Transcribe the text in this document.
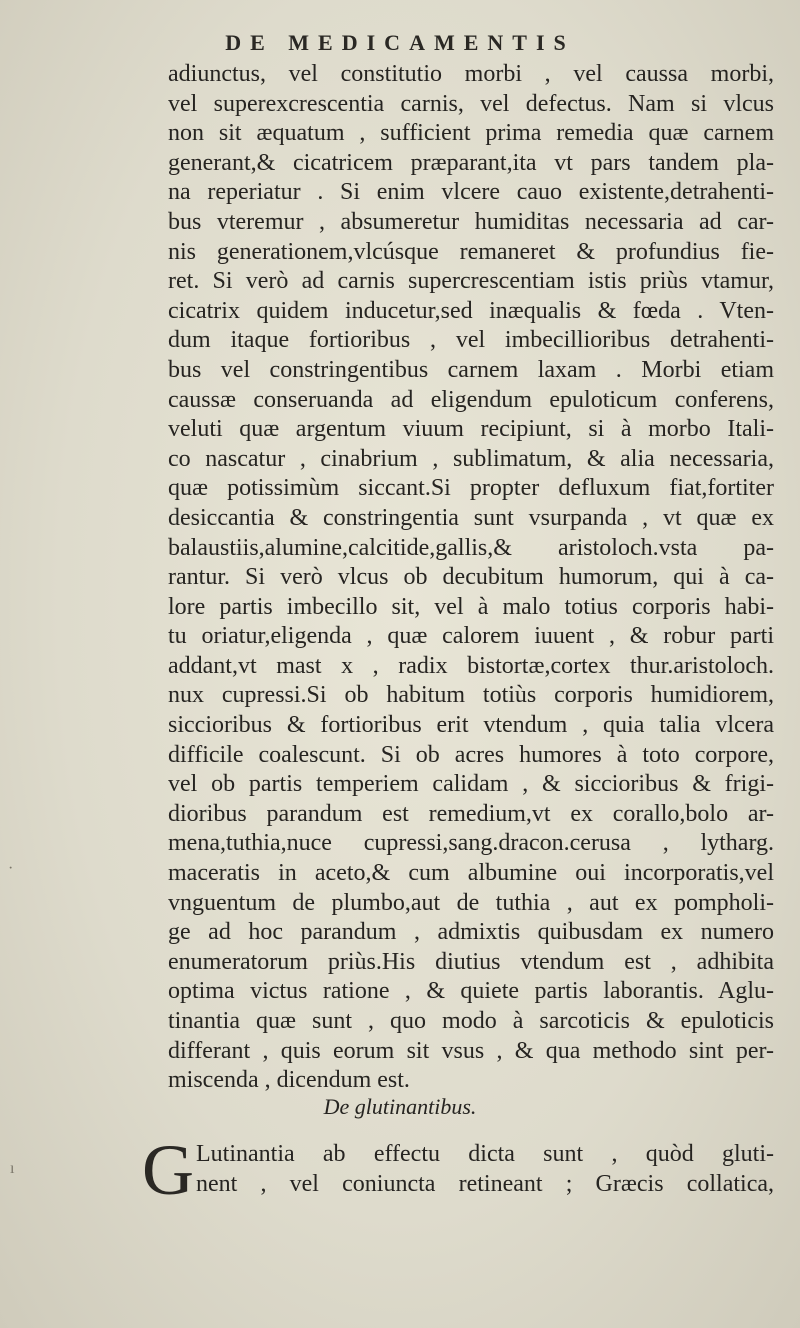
DE MEDICAMENTIS
adiunctus, vel constitutio morbi , vel caussa morbi,
vel superexcrescentia carnis, vel defectus. Nam si vlcus
non sit æquatum , sufficient prima remedia quæ carnem
generant,& cicatricem præparant,ita vt pars tandem pla-
na reperiatur . Si enim vlcere cauo existente,detrahenti-
bus vteremur , absumeretur humiditas necessaria ad car-
nis generationem,vlcúsque remaneret & profundius fie-
ret. Si verò ad carnis supercrescentiam istis priùs vtamur,
cicatrix quidem inducetur,sed inæqualis & fœda . Vten-
dum itaque fortioribus , vel imbecillioribus detrahenti-
bus vel constringentibus carnem laxam . Morbi etiam
caussæ conseruanda ad eligendum epuloticum conferens,
veluti quæ argentum viuum recipiunt, si à morbo Itali-
co nascatur , cinabrium , sublimatum, & alia necessaria,
quæ potissimùm siccant.Si propter defluxum fiat,fortiter
desiccantia & constringentia sunt vsurpanda , vt quæ ex
balaustiis,alumine,calcitide,gallis,& aristoloch.vsta pa-
rantur. Si verò vlcus ob decubitum humorum, qui à ca-
lore partis imbecillo sit, vel à malo totius corporis habi-
tu oriatur,eligenda , quæ calorem iuuent , & robur parti
addant,vt mast x , radix bistortæ,cortex thur.aristoloch.
nux cupressi.Si ob habitum totiùs corporis humidiorem,
siccioribus & fortioribus erit vtendum , quia talia vlcera
difficile coalescunt. Si ob acres humores à toto corpore,
vel ob partis temperiem calidam , & siccioribus & frigi-
dioribus parandum est remedium,vt ex corallo,bolo ar-
mena,tuthia,nuce cupressi,sang.dracon.cerusa , lytharg.
maceratis in aceto,& cum albumine oui incorporatis,vel
vnguentum de plumbo,aut de tuthia , aut ex pompholi-
ge ad hoc parandum , admixtis quibusdam ex numero
enumeratorum priùs.His diutius vtendum est , adhibita
optima victus ratione , & quiete partis laborantis. Aglu-
tinantia quæ sunt , quo modo à sarcoticis & epuloticis
differant , quis eorum sit vsus , & qua methodo sint per-
miscenda , dicendum est.
De glutinantibus.
G Lutinantia ab effectu dicta sunt , quòd gluti-
nent , vel coniuncta retineant ; Græcis collatica,
·
ı
